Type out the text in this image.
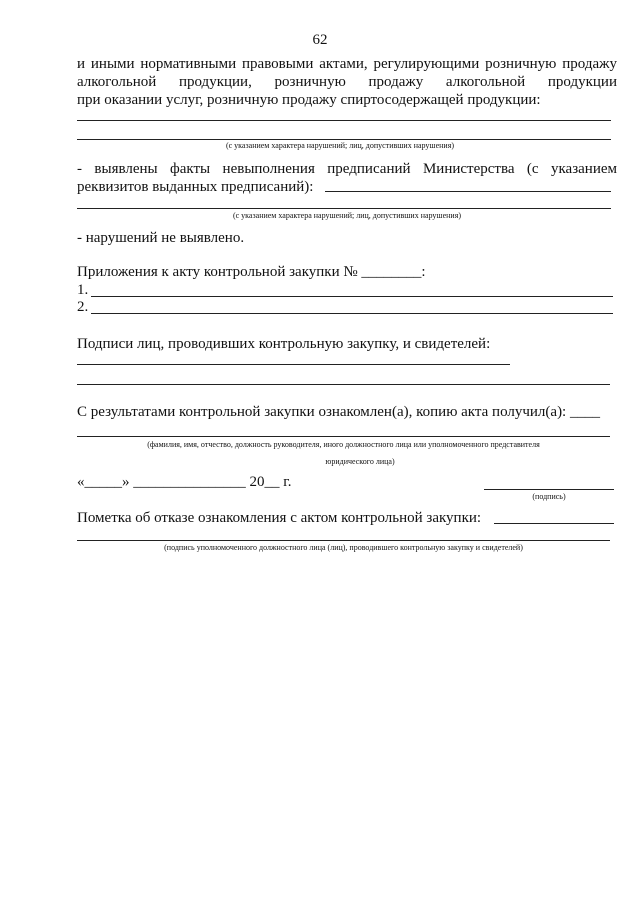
62
и иными нормативными правовыми актами, регулирующими розничную продажу
алкогольной продукции, розничную продажу алкогольной продукции
при оказании услуг, розничную продажу спиртосодержащей продукции:
(с указанием характера нарушений; лиц, допустивших нарушения)
- выявлены факты невыполнения предписаний Министерства (с указанием
реквизитов выданных предписаний):
(с указанием характера нарушений; лиц, допустивших нарушения)
- нарушений не выявлено.
Приложения к акту контрольной закупки № ________:
1.
2.
Подписи лиц, проводивших контрольную закупку, и свидетелей:
С результатами контрольной закупки ознакомлен(а), копию акта получил(а): ____
(фамилия, имя, отчество, должность руководителя, иного должностного лица или уполномоченного представителя
юридического лица)
«_____» _______________ 20__ г.
(подпись)
Пометка об отказе ознакомления с актом контрольной закупки:
(подпись уполномоченного должностного лица (лиц), проводившего контрольную закупку и свидетелей)
